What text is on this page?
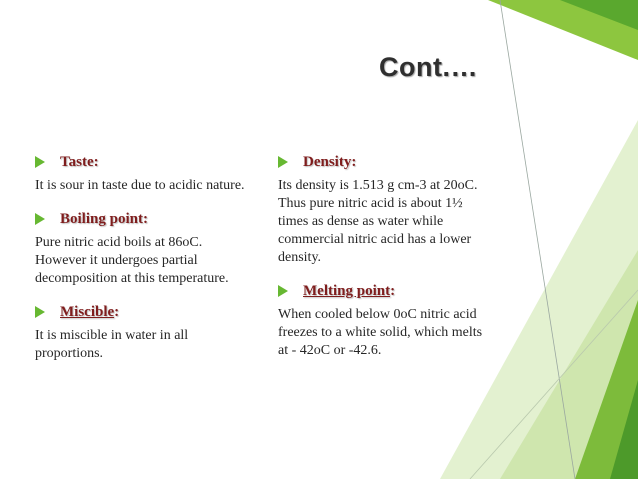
Cont.…
Taste:
It is sour in taste due to acidic nature.
Boiling point:
Pure nitric acid boils at 86oC. However it undergoes partial decomposition at this temperature.
Miscible:
It is miscible in water in all proportions.
Density:
Its density is 1.513 g cm-3 at 20oC. Thus pure nitric acid is about 1½ times as dense as water while commercial nitric acid has a lower density.
Melting point:
When cooled below 0oC nitric acid freezes to a white solid, which melts at - 42oC or -42.6.
